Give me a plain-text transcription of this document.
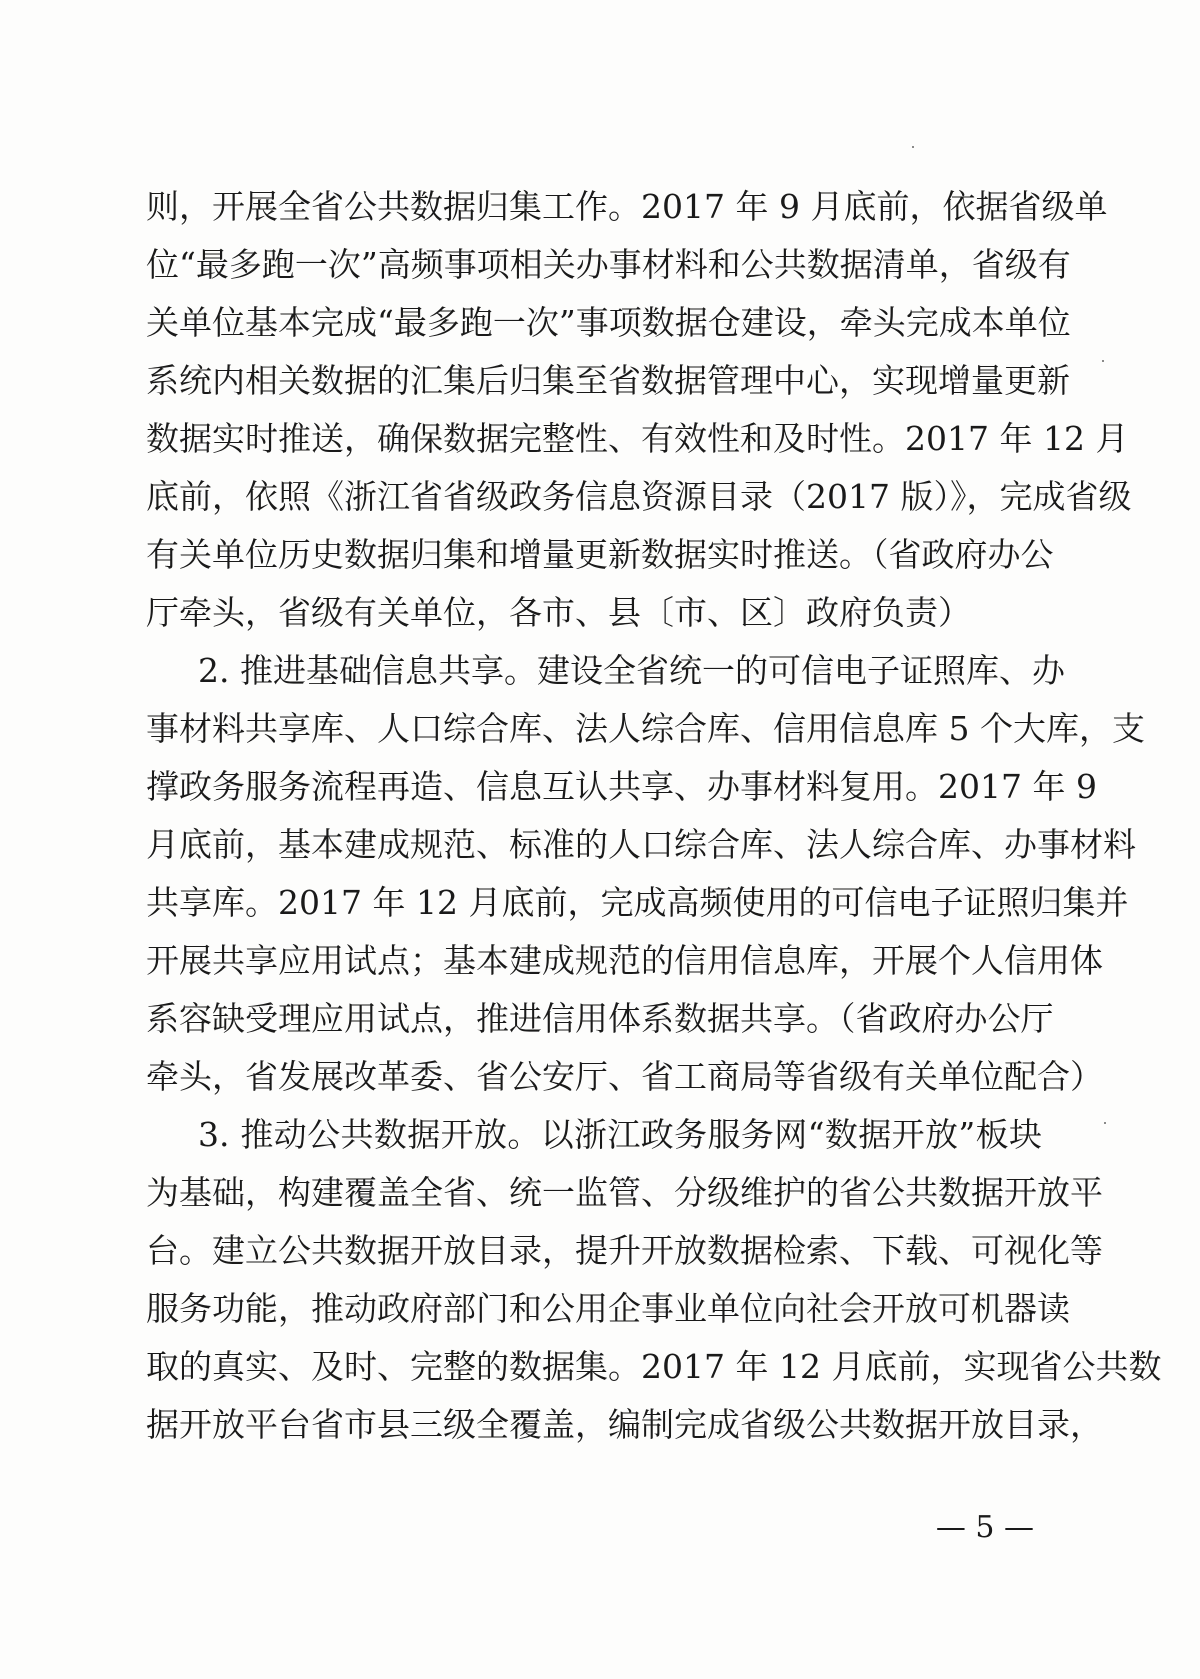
则，开展全省公共数据归集工作。2017 年 9 月底前，依据省级单
位“最多跑一次”高频事项相关办事材料和公共数据清单，省级有
关单位基本完成“最多跑一次”事项数据仓建设，牵头完成本单位
系统内相关数据的汇集后归集至省数据管理中心，实现增量更新
数据实时推送，确保数据完整性、有效性和及时性。2017 年 12 月
底前，依照《浙江省省级政务信息资源目录（2017 版）》，完成省级
有关单位历史数据归集和增量更新数据实时推送。（省政府办公
厅牵头，省级有关单位，各市、县〔市、区〕政府负责）
2. 推进基础信息共享。建设全省统一的可信电子证照库、办
事材料共享库、人口综合库、法人综合库、信用信息库 5 个大库，支
撑政务服务流程再造、信息互认共享、办事材料复用。2017 年 9
月底前，基本建成规范、标准的人口综合库、法人综合库、办事材料
共享库。2017 年 12 月底前，完成高频使用的可信电子证照归集并
开展共享应用试点；基本建成规范的信用信息库，开展个人信用体
系容缺受理应用试点，推进信用体系数据共享。（省政府办公厅
牵头，省发展改革委、省公安厅、省工商局等省级有关单位配合）
3. 推动公共数据开放。以浙江政务服务网“数据开放”板块
为基础，构建覆盖全省、统一监管、分级维护的省公共数据开放平
台。建立公共数据开放目录，提升开放数据检索、下载、可视化等
服务功能，推动政府部门和公用企事业单位向社会开放可机器读
取的真实、及时、完整的数据集。2017 年 12 月底前，实现省公共数
据开放平台省市县三级全覆盖，编制完成省级公共数据开放目录，
— 5 —
